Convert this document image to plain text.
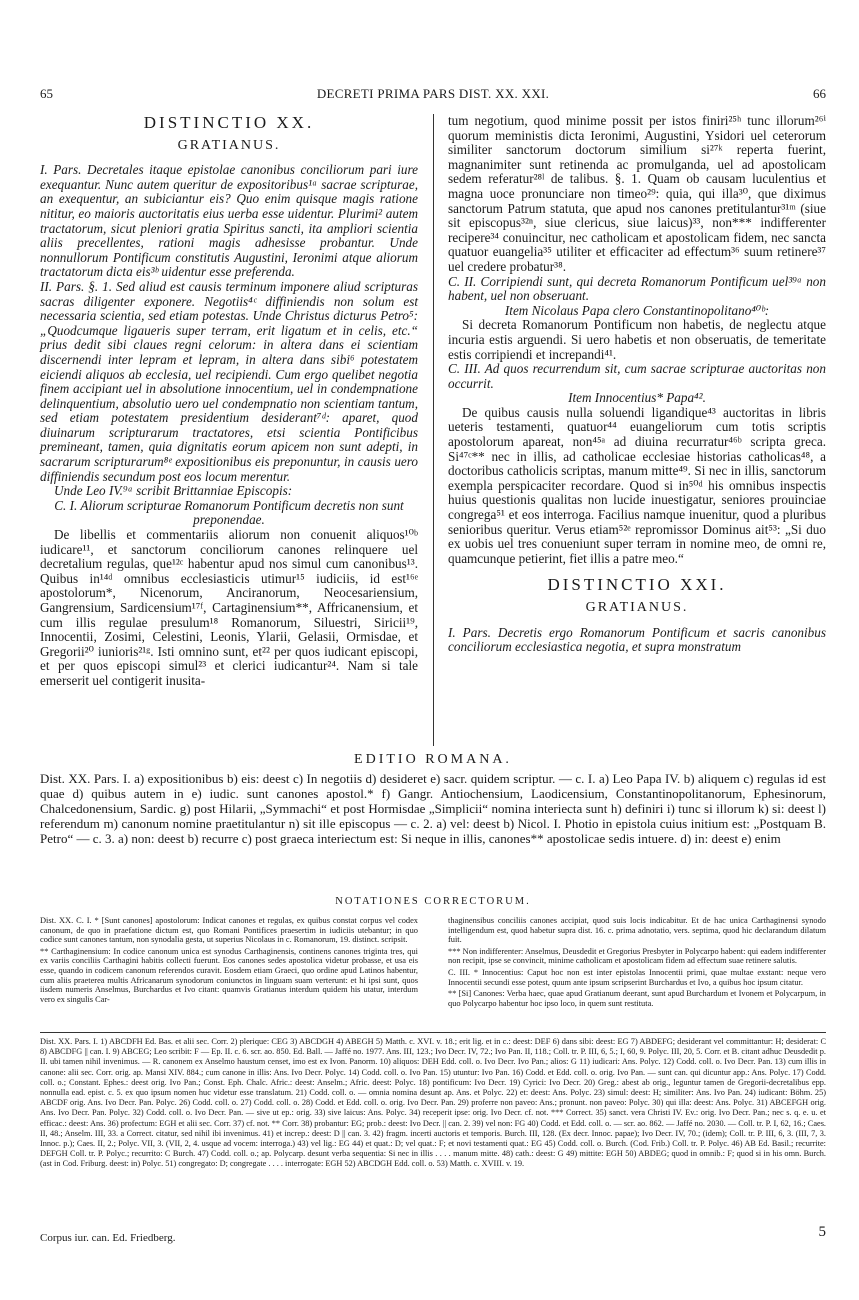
65	DECRETI PRIMA PARS DIST. XX. XXI.	66
DISTINCTIO XX.
GRATIANUS.

I. Pars. Decretales itaque epistolae canonibus conciliorum pari iure exequantur. Nunc autem queritur de expositoribus¹ᵃ sacrae scripturae, an exequentur, an subiciantur eis? Quo enim quisque magis ratione nititur, eo maioris auctoritatis eius uerba esse uidentur. Plurimi² autem tractatorum, sicut pleniori gratia Spiritus sancti, ita ampliori scientia aliis precellentes, rationi magis adhesisse probantur. Unde nonnullorum Pontificum constitutis Augustini, Ieronimi atque aliorum tractatorum dicta eis³ᵇ uidentur esse preferenda.

II. Pars. §. 1. Sed aliud est causis terminum imponere aliud scripturas sacras diligenter exponere. Negotiis⁴ᶜ diffiniendis non solum est necessaria scientia, sed etiam potestas. Unde Christus dicturus Petro⁵: „Quodcumque ligaueris super terram, erit ligatum et in celis, etc.“ prius dedit sibi claues regni celorum: in altera dans ei scientiam discernendi inter lepram et lepram, in altera dans sibi⁶ potestatem eiciendi aliquos ab ecclesia, uel recipiendi. Cum ergo quelibet negotia finem accipiant uel in absolutione innocentium, uel in condempnatione delinquentium, absolutio uero uel condempnatio non scientiam tantum, sed etiam potestatem presidentium desiderant⁷ᵈ: aparet, quod diuinarum scripturarum tractatores, etsi scientia Pontificibus premineant, tamen, quia dignitatis eorum apicem non sunt adepti, in sacrarum scripturarum⁸ᵉ expositionibus eis preponuntur, in causis uero diffiniendis secundum post eos locum merentur.

Unde Leo IV.⁹ᵃ scribit Brittanniae Episcopis:

C. I. Aliorum scripturae Romanorum Pontificum decretis non sunt preponendae.

De libellis et commentariis aliorum non conuenit aliquos¹⁰ᵇ iudicare¹¹, et sanctorum conciliorum canones relinquere uel decretalium regulas, que¹²ᶜ habentur apud nos simul cum canonibus¹³. Quibus in¹⁴ᵈ omnibus ecclesiasticis utimur¹⁵ iudiciis, id est¹⁶ᵉ apostolorum*, Nicenorum, Anciranorum, Neocesariensium, Gangrensium, Sardicensium¹⁷ᶠ, Cartaginensium**, Affricanensium, et cum illis regulae presulum¹⁸ Romanorum, Siluestri, Siricii¹⁹, Innocentii, Zosimi, Celestini, Leonis, Ylarii, Gelasii, Ormisdae, et Gregorii²⁰ iunioris²¹ᵍ. Isti omnino sunt, et²² per quos iudicant episcopi, et per quos episcopi simul²³ et clerici iudicantur²⁴. Nam si tale emerserit uel contigerit inusita-

tum negotium, quod minime possit per istos finiri²⁵ʰ tunc illorum²⁶ⁱ quorum meministis dicta Ieronimi, Augustini, Ysidori uel ceterorum similiter sanctorum doctorum similium si²⁷ᵏ reperta fuerint, magnanimiter sunt retinenda ac promulganda, uel ad apostolicam sedem referatur²⁸ˡ de talibus. §. 1. Quam ob causam luculentius et magna uoce pronunciare non timeo²⁹: quia, qui illa³⁰, que diximus sanctorum Patrum statuta, que apud nos canones pretitulantur³¹ᵐ (siue sit episcopus³²ⁿ, siue clericus, siue laicus)³³, non*** indifferenter recipere³⁴ conuincitur, nec catholicam et apostolicam fidem, nec sancta quatuor euangelia³⁵ utiliter et efficaciter ad effectum³⁶ suum retinere³⁷ uel credere probatur³⁸.

C. II. Corripiendi sunt, qui decreta Romanorum Pontificum uel³⁹ᵃ non habent, uel non obseruant.

Item Nicolaus Papa clero Constantinopolitano⁴⁰ᵇ:

Si decreta Romanorum Pontificum non habetis, de neglectu atque incuria estis arguendi. Si uero habetis et non obseruatis, de temeritate estis corripiendi et increpandi⁴¹.

C. III. Ad quos recurrendum sit, cum sacrae scripturae auctoritas non occurrit.

Item Innocentius* Papa⁴².

De quibus causis nulla soluendi ligandique⁴³ auctoritas in libris ueteris testamenti, quatuor⁴⁴ euangeliorum cum totis scriptis apostolorum apareat, non⁴⁵ᵃ ad diuina recurratur⁴⁶ᵇ scripta greca. Si⁴⁷ᶜ** nec in illis, ad catholicae ecclesiae historias catholicas⁴⁸, a doctoribus catholicis scriptas, manum mitte⁴⁹. Si nec in illis, sanctorum exempla perspicaciter recordare. Quod si in⁵⁰ᵈ his omnibus inspectis huius questionis qualitas non lucide inuestigatur, seniores prouinciae congrega⁵¹ et eos interroga. Facilius namque inuenitur, quod a pluribus senioribus queritur. Verus etiam⁵²ᵉ repromissor Dominus ait⁵³: „Si duo ex uobis uel tres conueniunt super terram in nomine meo, de omni re, quamcunque petierint, fiet illis a patre meo.“

DISTINCTIO XXI.
GRATIANUS.

I. Pars. Decretis ergo Romanorum Pontificum et sacris canonibus conciliorum ecclesiastica negotia, et supra monstratum

EDITIO ROMANA.

Dist. XX. Pars. I. a) expositionibus b) eis: deest c) In negotiis d) desideret e) sacr. quidem scriptur. — c. I. a) Leo Papa IV. b) aliquem c) regulas id est quae d) quibus autem in e) iudic. sunt canones apostol.* f) Gangr. Antiochensium, Laodicensium, Constantinopolitanorum, Ephesinorum, Chalcedonensium, Sardic. g) post Hilarii, „Symmachi“ et post Hormisdae „Simplicii“ nomina interiecta sunt h) definiri i) tunc si illorum k) si: deest l) referendum m) canonum nomine praetitulantur n) sit ille episcopus — c. 2. a) vel: deest b) Nicol. I. Photio in epistola cuius initium est: „Postquam B. Petro“ — c. 3. a) non: deest b) recurre c) post graeca interiectum est: Si neque in illis, canones** apostolicae sedis intuere. d) in: deest e) enim

NOTATIONES CORRECTORUM.

Dist. XX. C. I. * [Sunt canones] apostolorum: Indicat canones et regulas, ex quibus constat corpus vel codex canonum, de quo in praefatione dictum est, quo Romani Pontifices praesertim in iudiciis utebantur; in quo codice sunt canones tantum, non synodalia gesta, ut superius Nicolaus in c. Romanorum, 19. distinct. scripsit.

** Carthaginensium: In codice canonum unica est synodus Carthaginensis, continens canones triginta tres, qui ex variis conciliis Carthagini habitis collecti fuerunt. Eos canones sedes apostolica videtur probasse, et usa eis esse, quando in codicem canonum referendos curavit. Eosdem etiam Graeci, quo ordine apud Latinos habentur, cum aliis praeterea multis Africanarum synodorum coniunctos in linguam suam verterunt: et hi ipsi sunt, quos iisdem numeris Anselmus, Burchardus et Ivo citant: quamvis Gratianus interdum quidem his utatur, interdum vero ex singulis Car-

thaginensibus conciliis canones accipiat, quod suis locis indicabitur. Et de hac unica Carthaginensi synodo intelligendum est, quod habetur supra dist. 16. c. prima adnotatio, vers. septima, quod hic declarandum dilatum fuit.

*** Non indifferenter: Anselmus, Deusdedit et Gregorius Presbyter in Polycarpo habent: qui eadem indifferenter non recipit, ipse se convincit, minime catholicam et apostolicam fidem ad effectum suae retinere salutis.

C. III. * Innocentius: Caput hoc non est inter epistolas Innocentii primi, quae multae exstant: neque vero Innocentii secundi esse potest, quum ante ipsum scripserint Burchardus et Ivo, a quibus hoc ipsum citatur.

** [Si] Canones: Verba haec, quae apud Gratianum deerant, sunt apud Burchardum et Ivonem et Polycarpum, in quo Polycarpo habentur hoc ipso loco, in quem sunt restituta.

Dist. XX. Pars. I. 1) ABCDFH Ed. Bas. et alii sec. Corr. 2) plerique: CEG 3) ABCDGH 4) ABEGH 5) Matth. c. XVI. v. 18.; erit lig. et in c.: deest: DEF 6) dans sibi: deest: EG 7) ABDEFG; desiderant vel committantur: H; desiderat: C 8) ABCDFG || can. I. 9) ABCEG; Leo scribit: F — Ep. II. c. 6. scr. ao. 850. Ed. Ball. — Jaffé no. 1977. Ans. III, 123.; Ivo Decr. IV, 72.; Ivo Pan. II, 118.; Coll. tr. P. III, 6, 5.; I, 60, 9. Polyc. III, 20, 5. Corr. et B. citant adhuc Deusdedit p. II. ubi tamen nihil invenimus. — R. canonem ex Anselmo haustum censet, imo est ex Ivon. Panorm. 10) aliquos: DEH Edd. coll. o. Ivo Decr. Ivo Pan.; alios: G 11) iudicari: Ans. Polyc. 12) Codd. coll. o. Ivo Decr. Pan. 13) cum illis in canone: alii sec. Corr. orig. ap. Mansi XIV. 884.; cum canone in illis: Ans. Ivo Decr. Polyc. 14) Codd. coll. o. Ivo Pan. 15) utuntur: Ivo Pan. 16) Codd. et Edd. coll. o. orig. Ivo Pan. — sunt can. qui dicuntur app.: Ans. Polyc. 17) Codd. coll. o.; Constant. Ephes.: deest orig. Ivo Pan.; Const. Eph. Chalc. Afric.: deest: Anselm.; Afric. deest: Polyc. 18) pontificum: Ivo Decr. 19) Cyrici: Ivo Decr. 20) Greg.: abest ab orig., leguntur tamen de Gregorii-decretalibus epp. nonnulla ead. epist. c. 5. ex quo ipsum nomen huc videtur esse translatum. 21) Codd. coll. o. — omnia nomina desunt ap. Ans. et Polyc. 22) et: deest: Ans. Polyc. 23) simul: deest: H; similiter: Ans. Ivo Pan. 24) iudicant: Böhm. 25) ABCDF orig. Ans. Ivo Decr. Pan. Polyc. 26) Codd. coll. o. 27) Codd. coll. o. 28) Codd. et Edd. coll. o. orig. Ivo Decr. Pan. 29) proferre non paveo: Ans.; pronunt. non paveo: Polyc. 30) qui illa: deest: Ans. Polyc. 31) ABCEFGH orig. Ans. Ivo Decr. Pan. Polyc. 32) Codd. coll. o. Ivo Decr. Pan. — sive ut ep.: orig. 33) sive laicus: Ans. Polyc. 34) receperit ipse: orig. Ivo Decr. cf. not. *** Correct. 35) sanct. vera Christi IV. Ev.: orig. Ivo Decr. Pan.; nec s. q. e. u. et efficac.: deest: Ans. 36) profectum: EGH et alii sec. Corr. 37) cf. not. ** Corr. 38) probantur: EG; prob.: deest: Ivo Decr. || can. 2. 39) vel non: FG 40) Codd. et Edd. coll. o. — scr. ao. 862. — Jaffé no. 2030. — Coll. tr. P. I, 62, 16.; Caes. II, 48.; Anselm. III, 33. a Correct. citatur, sed nihil ibi invenimus. 41) et increp.: deest: D || can. 3. 42) fragm. incerti auctoris et temporis. Burch. III, 128. (Ex decr. Innoc. papae); Ivo Decr. IV, 70.; (idem); Coll. tr. P. III, 6, 3. (III, 7, 3. Innoc. p.); Caes. II, 2.; Polyc. VII, 3. (VII, 2, 4. usque ad vocem: interroga.) 43) vel lig.: EG 44) et quat.: D; vel quat.: F; et novi testamenti quat.: EG 45) Codd. coll. o. Burch. (Cod. Frib.) Coll. tr. P. Polyc. 46) AB Ed. Basil.; recurrite: DEFGH Coll. tr. P. Polyc.; recurrito: C Burch. 47) Codd. coll. o.; ap. Polycarp. desunt verba sequentia: Si nec in illis . . . . manum mitte. 48) cath.: deest: G 49) mittite: EGH 50) ABDEG; quod in omnib.: F; quod si in his omn. Burch. (ast in Cod. Friburg. deest: in) Polyc. 51) congregato: D; congregate . . . . interrogate: EGH 52) ABCDGH Edd. coll. o. 53) Matth. c. XVIII. v. 19.
Corpus iur. can. Ed. Friedberg.	5
